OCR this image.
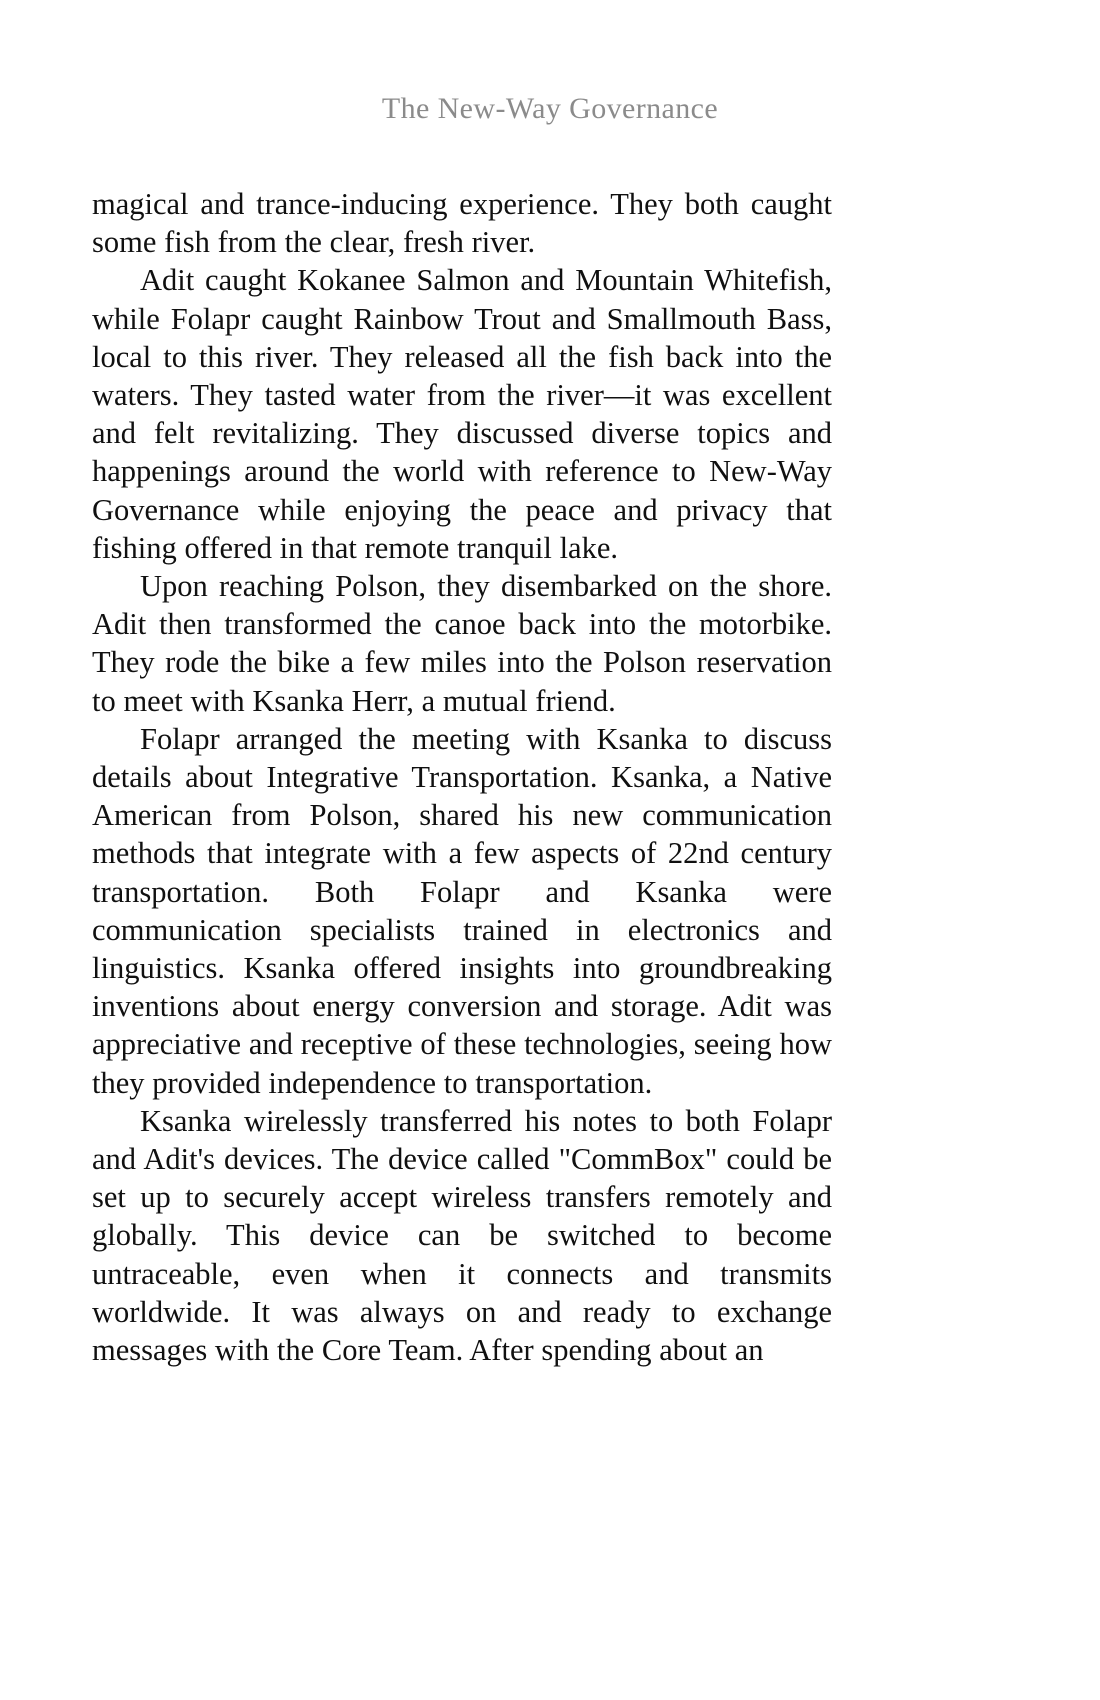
The New-Way Governance

magical and trance-inducing experience. They both caught some fish from the clear, fresh river.

Adit caught Kokanee Salmon and Mountain Whitefish, while Folapr caught Rainbow Trout and Smallmouth Bass, local to this river. They released all the fish back into the waters. They tasted water from the river—it was excellent and felt revitalizing. They discussed diverse topics and happenings around the world with reference to New-Way Governance while enjoying the peace and privacy that fishing offered in that remote tranquil lake.

Upon reaching Polson, they disembarked on the shore. Adit then transformed the canoe back into the motorbike. They rode the bike a few miles into the Polson reservation to meet with Ksanka Herr, a mutual friend.

Folapr arranged the meeting with Ksanka to discuss details about Integrative Transportation. Ksanka, a Native American from Polson, shared his new communication methods that integrate with a few aspects of 22nd century transportation. Both Folapr and Ksanka were communication specialists trained in electronics and linguistics. Ksanka offered insights into groundbreaking inventions about energy conversion and storage. Adit was appreciative and receptive of these technologies, seeing how they provided independence to transportation.

Ksanka wirelessly transferred his notes to both Folapr and Adit's devices. The device called "CommBox" could be set up to securely accept wireless transfers remotely and globally. This device can be switched to become untraceable, even when it connects and transmits worldwide. It was always on and ready to exchange messages with the Core Team. After spending about an
